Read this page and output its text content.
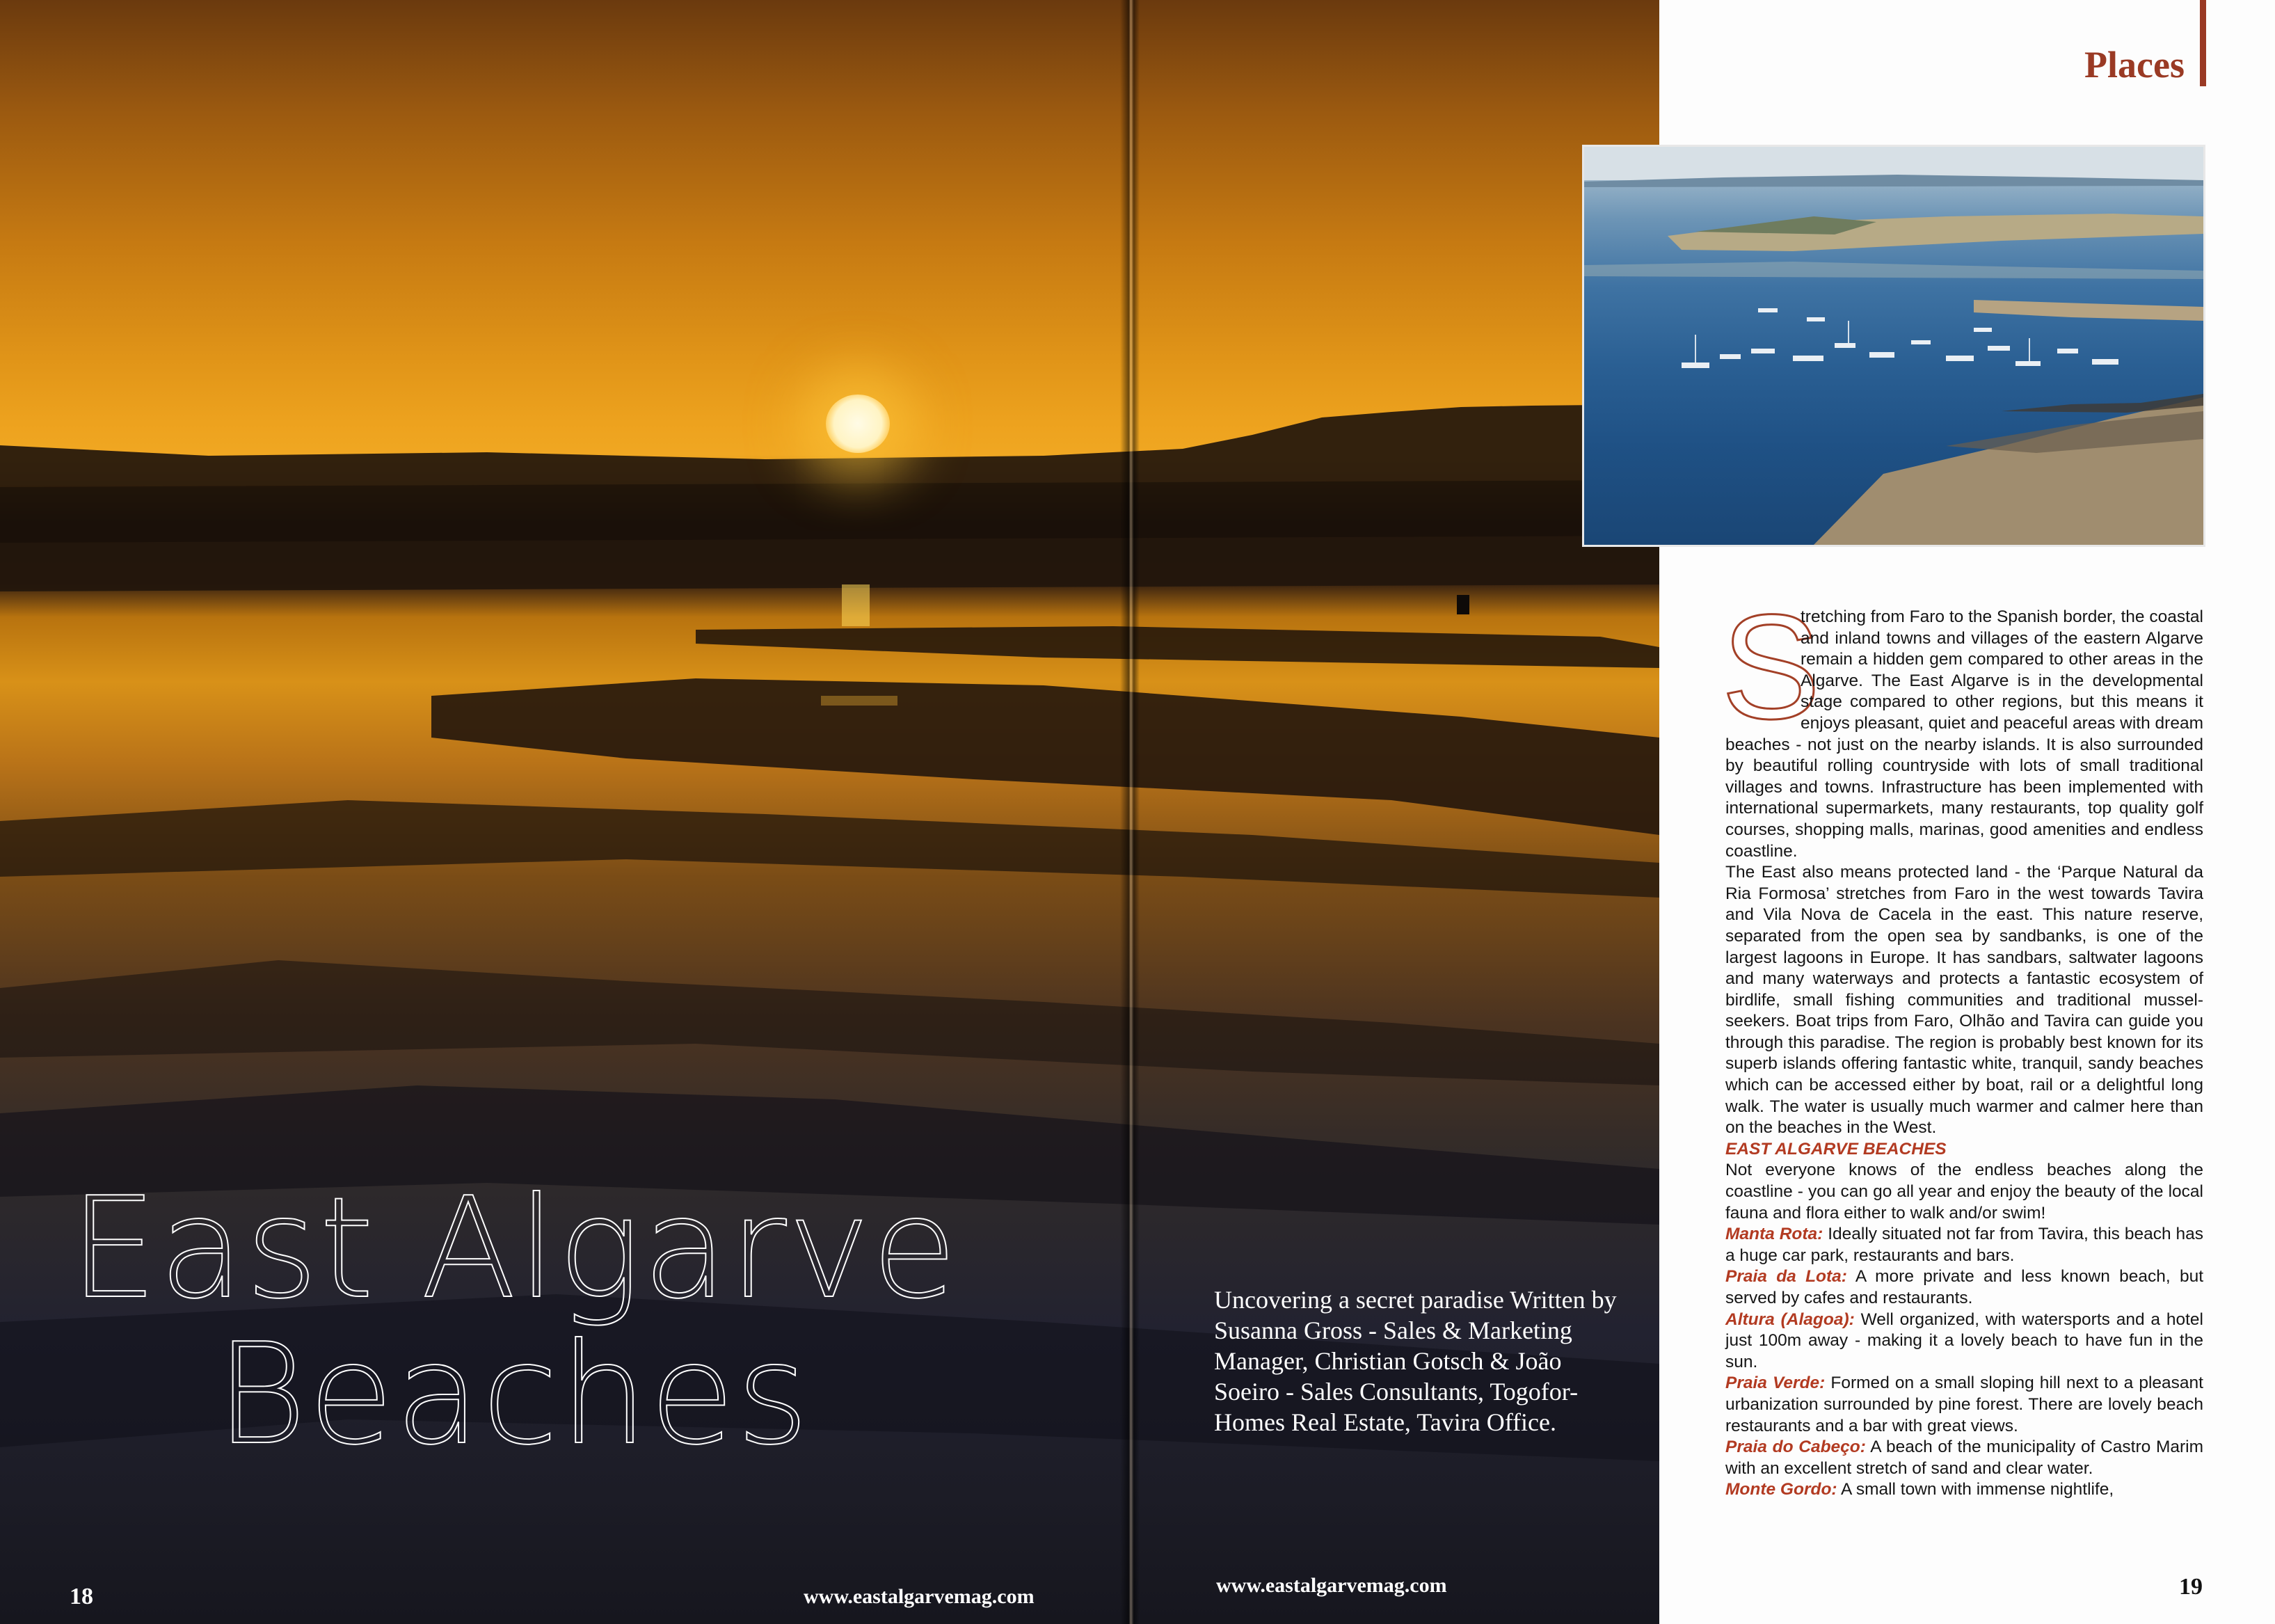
East Algarve
Beaches

Uncovering a secret paradise Written by Susanna Gross - Sales & Marketing Manager, Christian Gotsch & João Soeiro - Sales Consultants, Togofor-Homes Real Estate, Tavira Office.

18	www.eastalgarvemag.com	www.eastalgarvemag.com
Places

S
tretching from Faro to the Spanish border, the coastal and inland towns and villages of the eastern Algarve remain a hidden gem compared to other areas in the Algarve. The East Algarve is in the developmental stage compared to other regions, but this means it enjoys pleasant, quiet and peaceful areas with dream beaches - not just on the nearby islands. It is also surrounded by beautiful rolling countryside with lots of small traditional villages and towns. Infrastructure has been implemented with international supermarkets, many restaurants, top quality golf courses, shopping malls, marinas, good amenities and endless coastline.

The East also means protected land - the ‘Parque Natural da Ria Formosa’ stretches from Faro in the west towards Tavira and Vila Nova de Cacela in the east. This nature reserve, separated from the open sea by sandbanks, is one of the largest lagoons in Europe. It has sandbars, saltwater lagoons and many waterways and protects a fantastic ecosystem of birdlife, small fishing communities and traditional mussel-seekers. Boat trips from Faro, Olhão and Tavira can guide you through this paradise. The region is probably best known for its superb islands offering fantastic white, tranquil, sandy beaches which can be accessed either by boat, rail or a delightful long walk. The water is usually much warmer and calmer here than on the beaches in the West.

EAST ALGARVE BEACHES

Not everyone knows of the endless beaches along the coastline - you can go all year and enjoy the beauty of the local fauna and flora either to walk and/or swim!

Manta Rota: Ideally situated not far from Tavira, this beach has a huge car park, restaurants and bars.

Praia da Lota: A more private and less known beach, but served by cafes and restaurants.

Altura (Alagoa): Well organized, with watersports and a hotel just 100m away - making it a lovely beach to have fun in the sun.

Praia Verde: Formed on a small sloping hill next to a pleasant urbanization surrounded by pine forest. There are lovely beach restaurants and a bar with great views.

Praia do Cabeço: A beach of the municipality of Castro Marim with an excellent stretch of sand and clear water.

Monte Gordo: A small town with immense nightlife,

19
